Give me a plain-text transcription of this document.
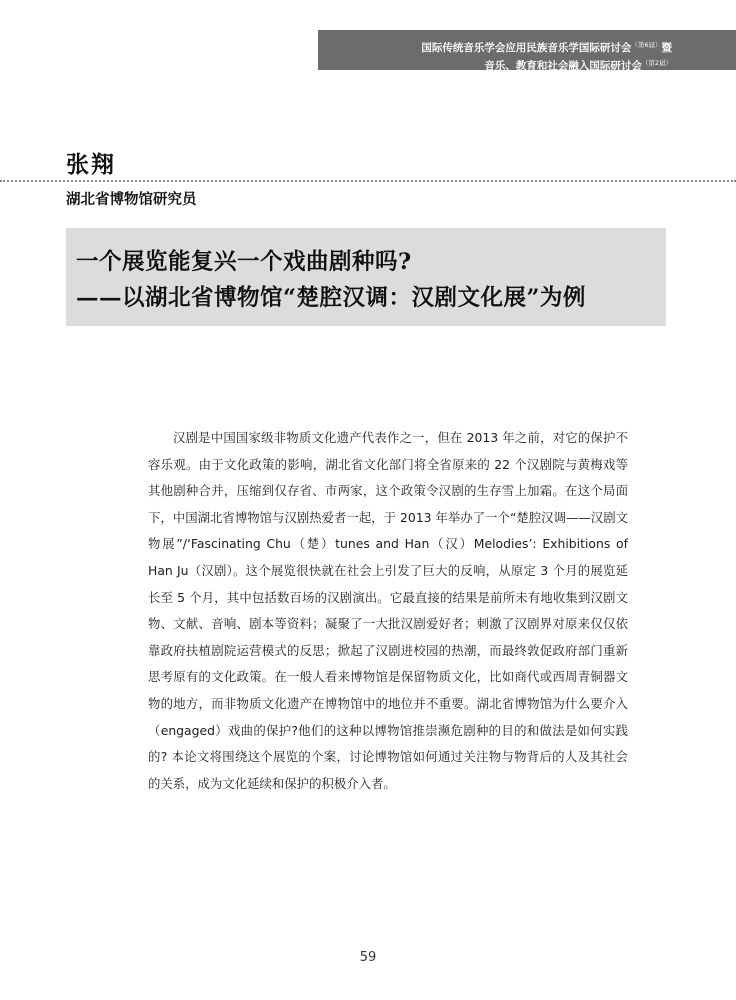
国际传统音乐学会应用民族音乐学国际研讨会$^{(第6届)}$暨
音乐、教育和社会融入国际研讨会$^{(第2届)}$
张翔
湖北省博物馆研究员
一个展览能复兴一个戏曲剧种吗?
——以湖北省博物馆“楚腔汉调：汉剧文化展”为例

汉剧是中国国家级非物质文化遗产代表作之一，但在 2013 年之前，对它的保护不容乐观。由于文化政策的影响，湖北省文化部门将全省原来的 22 个汉剧院与黄梅戏等其他剧种合并，压缩到仅存省、市两家，这个政策令汉剧的生存雪上加霜。在这个局面下，中国湖北省博物馆与汉剧热爱者一起，于 2013 年举办了一个“楚腔汉调——汉剧文物展”/‘Fascinating Chu（楚）tunes and Han（汉）Melodies’: Exhibitions of Han Ju（汉剧）。这个展览很快就在社会上引发了巨大的反响，从原定 3 个月的展览延长至 5 个月，其中包括数百场的汉剧演出。它最直接的结果是前所未有地收集到汉剧文物、文献、音响、剧本等资料；凝聚了一大批汉剧爱好者；刺激了汉剧界对原来仅仅依靠政府扶植剧院运营模式的反思；掀起了汉剧进校园的热潮，而最终敦促政府部门重新思考原有的文化政策。在一般人看来博物馆是保留物质文化，比如商代或西周青铜器文物的地方，而非物质文化遗产在博物馆中的地位并不重要。湖北省博物馆为什么要介入（engaged）戏曲的保护?他们的这种以博物馆推崇濒危剧种的目的和做法是如何实践的? 本论文将围绕这个展览的个案，讨论博物馆如何通过关注物与物背后的人及其社会的关系，成为文化延续和保护的积极介入者。

59
